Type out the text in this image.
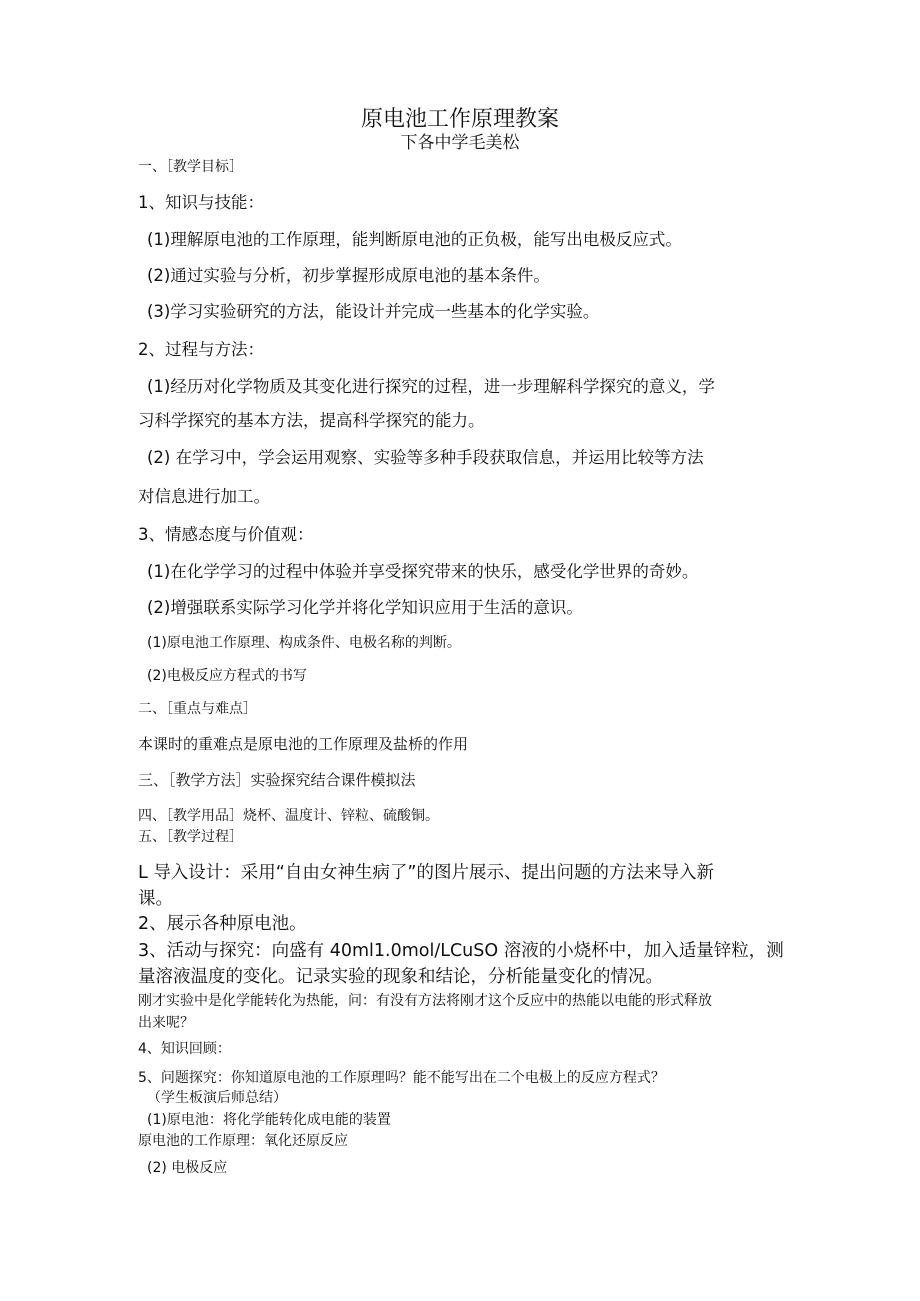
原电池工作原理教案
下各中学毛美松
一、［教学目标］
1、知识与技能：
(1)理解原电池的工作原理，能判断原电池的正负极，能写出电极反应式。
(2)通过实验与分析，初步掌握形成原电池的基本条件。
(3)学习实验研究的方法，能设计并完成一些基本的化学实验。
2、过程与方法：
(1)经历对化学物质及其变化进行探究的过程，进一步理解科学探究的意义，学
习科学探究的基本方法，提高科学探究的能力。
(2) 在学习中，学会运用观察、实验等多种手段获取信息，并运用比较等方法
对信息进行加工。
3、情感态度与价值观：
(1)在化学学习的过程中体验并享受探究带来的快乐，感受化学世界的奇妙。
(2)增强联系实际学习化学并将化学知识应用于生活的意识。
(1)原电池工作原理、构成条件、电极名称的判断。
(2)电极反应方程式的书写
二、［重点与难点］
本课时的重难点是原电池的工作原理及盐桥的作用
三、［教学方法］实验探究结合课件模拟法
四、［教学用品］烧杯、温度计、锌粒、硫酸铜。
五、［教学过程］
L 导入设计：采用“自由女神生病了”的图片展示、提出问题的方法来导入新
课。
2、展示各种原电池。
3、活动与探究：向盛有 40ml1.0mol∕LCuSO 溶液的小烧杯中，加入适量锌粒，测
量溶液温度的变化。记录实验的现象和结论，分析能量变化的情况。
刚才实验中是化学能转化为热能，问：有没有方法将刚才这个反应中的热能以电能的形式释放
出来呢？
4、知识回顾：
5、问题探究：你知道原电池的工作原理吗？能不能写出在二个电极上的反应方程式？
（学生板演后师总结）
(1)原电池：将化学能转化成电能的装置
原电池的工作原理：氧化还原反应
(2) 电极反应
